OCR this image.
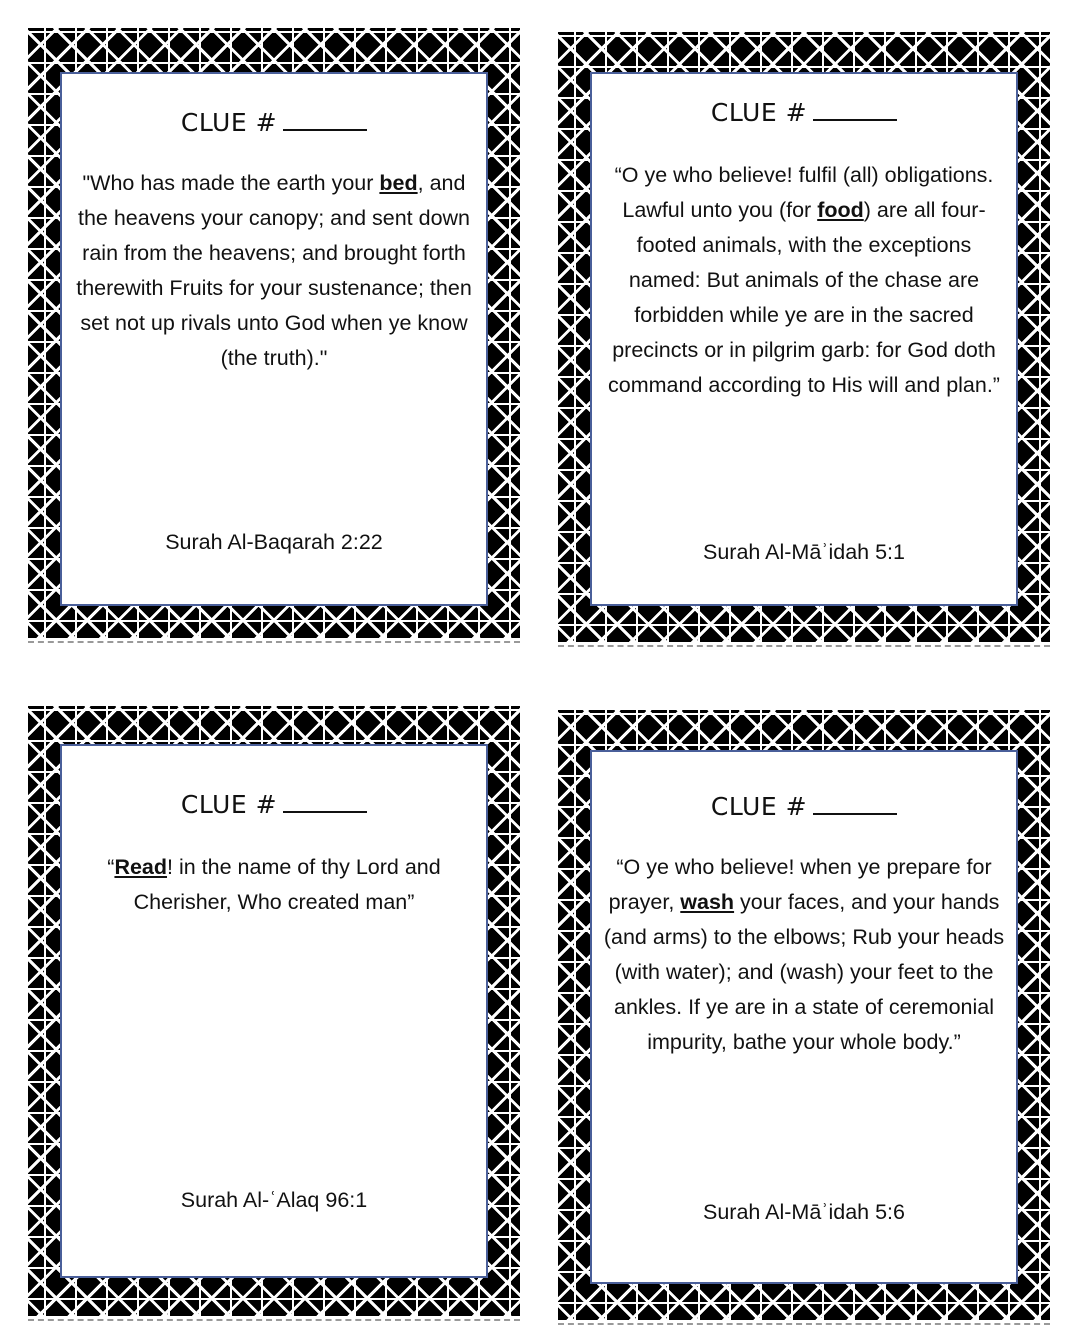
CLUE #
"Who has made the earth your bed, and the heavens your canopy; and sent down rain from the heavens; and brought forth therewith Fruits for your sustenance; then set not up rivals unto God when ye know (the truth)."
Surah Al-Baqarah 2:22
CLUE #
“O ye who believe! fulfil (all) obligations. Lawful unto you (for food) are all four-footed animals, with the exceptions named: But animals of the chase are forbidden while ye are in the sacred precincts or in pilgrim garb: for God doth command according to His will and plan.”
Surah Al-Māʾidah 5:1
CLUE #
“Read! in the name of thy Lord and Cherisher, Who created man”
Surah Al-ʿAlaq 96:1
CLUE #
“O ye who believe! when ye prepare for prayer, wash your faces, and your hands (and arms) to the elbows; Rub your heads (with water); and (wash) your feet to the ankles. If ye are in a state of ceremonial impurity, bathe your whole body.”
Surah Al-Māʾidah 5:6
